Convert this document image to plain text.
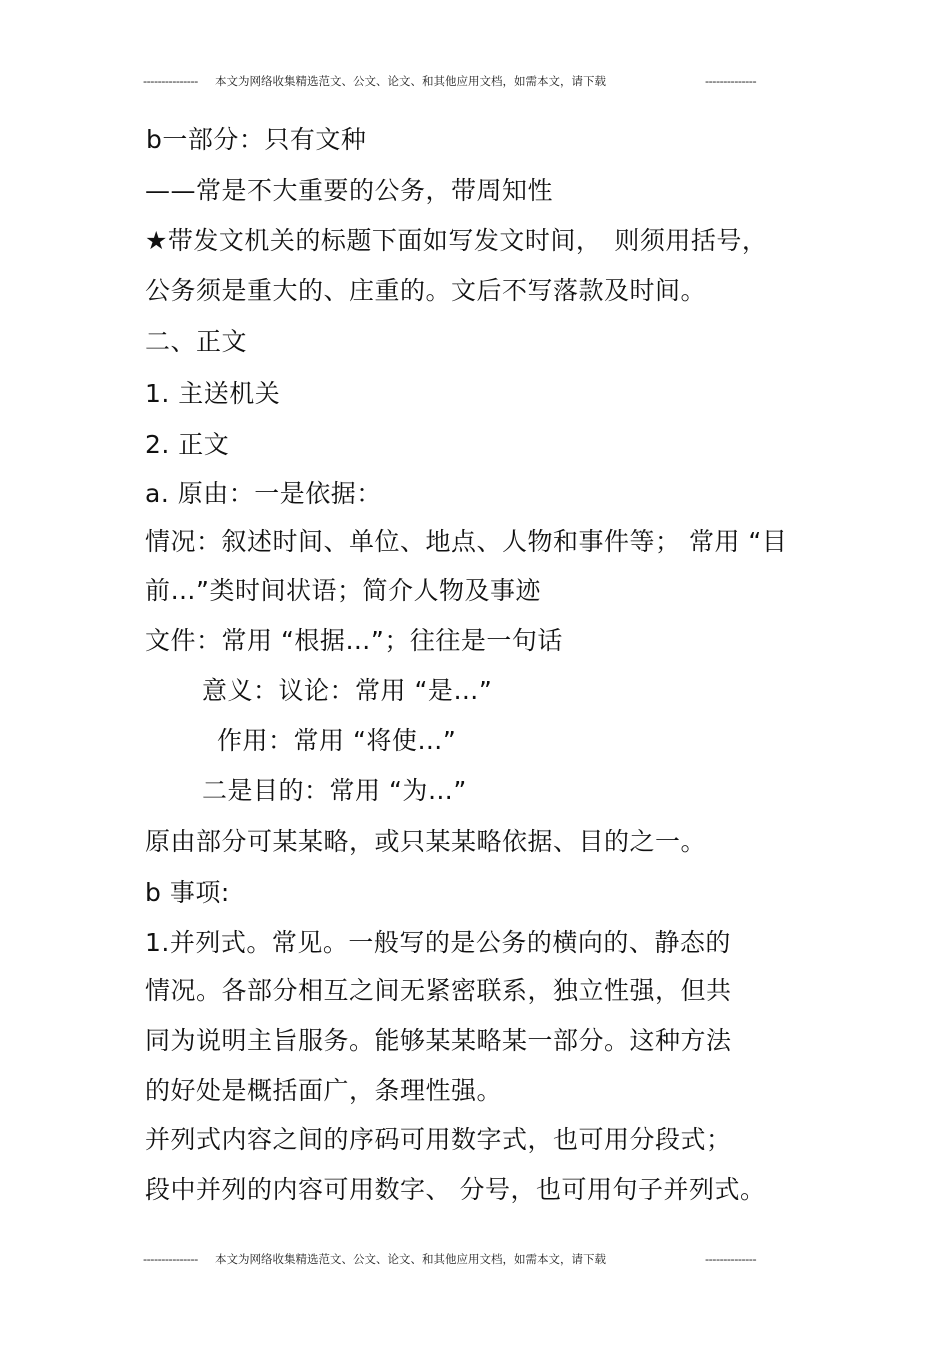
--------------- 本文为网络收集精选范文、公文、论文、和其他应用文档，如需本文，请下载	--------------
b一部分：只有文种
——常是不大重要的公务，带周知性
★带发文机关的标题下面如写发文时间，　则须用括号，
公务须是重大的、庄重的。文后不写落款及时间。
二、正文
1. 主送机关
2. 正文
a. 原由：一是依据：
情况：叙述时间、单位、地点、人物和事件等； 常用 “目
前…”类时间状语；简介人物及事迹
文件：常用 “根据…”；往往是一句话
意义：议论：常用 “是…”
作用：常用 “将使…”
二是目的：常用 “为…”
原由部分可某某略，或只某某略依据、目的之一。
b 事项:
1.并列式。常见。一般写的是公务的横向的、静态的
情况。各部分相互之间无紧密联系，独立性强，但共
同为说明主旨服务。能够某某略某一部分。这种方法
的好处是概括面广，条理性强。
并列式内容之间的序码可用数字式，也可用分段式；
段中并列的内容可用数字、 分号，也可用句子并列式。
--------------- 本文为网络收集精选范文、公文、论文、和其他应用文档，如需本文，请下载	--------------
